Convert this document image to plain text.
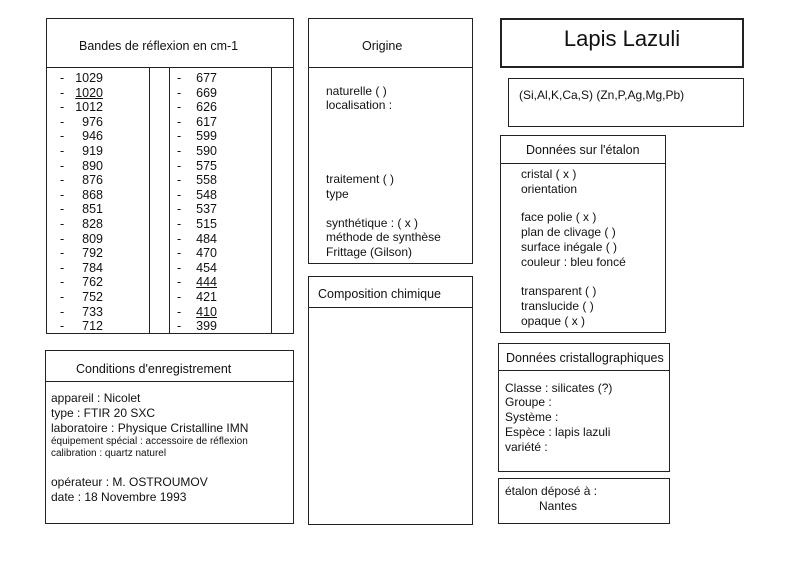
Bandes de réflexion en cm-1
- 1029
- 1020
- 1012
- 976
- 946
- 919
- 890
- 876
- 868
- 851
- 828
- 809
- 792
- 784
- 762
- 752
- 733
- 712
- 677
- 669
- 626
- 617
- 599
- 590
- 575
- 558
- 548
- 537
- 515
- 484
- 470
- 454
- 444
- 421
- 410
- 399
Origine
naturelle ( )
localisation :
traitement ( )
type
synthétique : ( x )
méthode de synthèse
Frittage (Gilson)
Composition chimique
Lapis Lazuli
(Si,Al,K,Ca,S) (Zn,P,Ag,Mg,Pb)
Données sur l'étalon
cristal ( x )
orientation
face polie ( x )
plan de clivage ( )
surface inégale ( )
couleur : bleu foncé
transparent ( )
translucide ( )
opaque ( x )
Conditions d'enregistrement
appareil : Nicolet
type : FTIR 20 SXC
laboratoire : Physique Cristalline IMN
équipement spécial : accessoire de réflexion
calibration : quartz naturel
opérateur : M. OSTROUMOV
date : 18 Novembre 1993
Données cristallographiques
Classe : silicates (?)
Groupe :
Système :
Espèce : lapis lazuli
variété :
étalon déposé à :
Nantes
